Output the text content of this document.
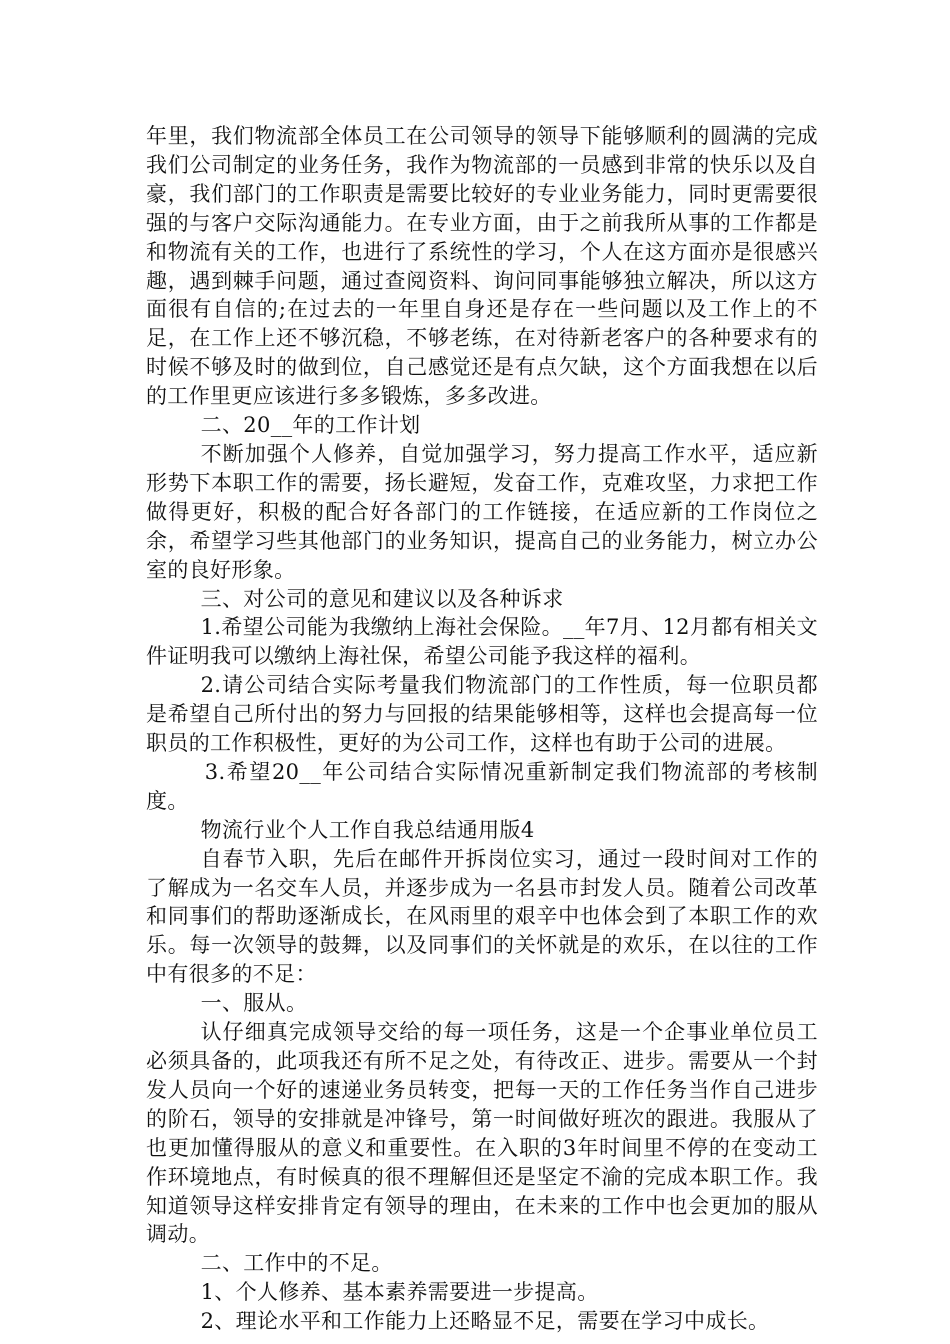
年里，我们物流部全体员工在公司领导的领导下能够顺利的圆满的完成我们公司制定的业务任务，我作为物流部的一员感到非常的快乐以及自豪，我们部门的工作职责是需要比较好的专业业务能力，同时更需要很强的与客户交际沟通能力。在专业方面，由于之前我所从事的工作都是和物流有关的工作，也进行了系统性的学习，个人在这方面亦是很感兴趣，遇到棘手问题，通过查阅资料、询问同事能够独立解决，所以这方面很有自信的;在过去的一年里自身还是存在一些问题以及工作上的不足，在工作上还不够沉稳，不够老练，在对待新老客户的各种要求有的时候不够及时的做到位，自己感觉还是有点欠缺，这个方面我想在以后的工作里更应该进行多多锻炼，多多改进。

二、20__年的工作计划

不断加强个人修养，自觉加强学习，努力提高工作水平，适应新形势下本职工作的需要，扬长避短，发奋工作，克难攻坚，力求把工作做得更好，积极的配合好各部门的工作链接，在适应新的工作岗位之余，希望学习些其他部门的业务知识，提高自己的业务能力，树立办公室的良好形象。

三、对公司的意见和建议以及各种诉求

1.希望公司能为我缴纳上海社会保险。__年7月、12月都有相关文件证明我可以缴纳上海社保，希望公司能予我这样的福利。

2.请公司结合实际考量我们物流部门的工作性质，每一位职员都是希望自己所付出的努力与回报的结果能够相等，这样也会提高每一位职员的工作积极性，更好的为公司工作，这样也有助于公司的进展。

3.希望20__年公司结合实际情况重新制定我们物流部的考核制度。

物流行业个人工作自我总结通用版4

自春节入职，先后在邮件开拆岗位实习，通过一段时间对工作的了解成为一名交车人员，并逐步成为一名县市封发人员。随着公司改革和同事们的帮助逐渐成长，在风雨里的艰辛中也体会到了本职工作的欢乐。每一次领导的鼓舞，以及同事们的关怀就是的欢乐，在以往的工作中有很多的不足：

一、服从。

认仔细真完成领导交给的每一项任务，这是一个企事业单位员工必须具备的，此项我还有所不足之处，有待改正、进步。需要从一个封发人员向一个好的速递业务员转变，把每一天的工作任务当作自己进步的阶石，领导的安排就是冲锋号，第一时间做好班次的跟进。我服从了也更加懂得服从的意义和重要性。在入职的3年时间里不停的在变动工作环境地点，有时候真的很不理解但还是坚定不渝的完成本职工作。我知道领导这样安排肯定有领导的理由，在未来的工作中也会更加的服从调动。

二、工作中的不足。

1、个人修养、基本素养需要进一步提高。

2、理论水平和工作能力上还略显不足，需要在学习中成长。
